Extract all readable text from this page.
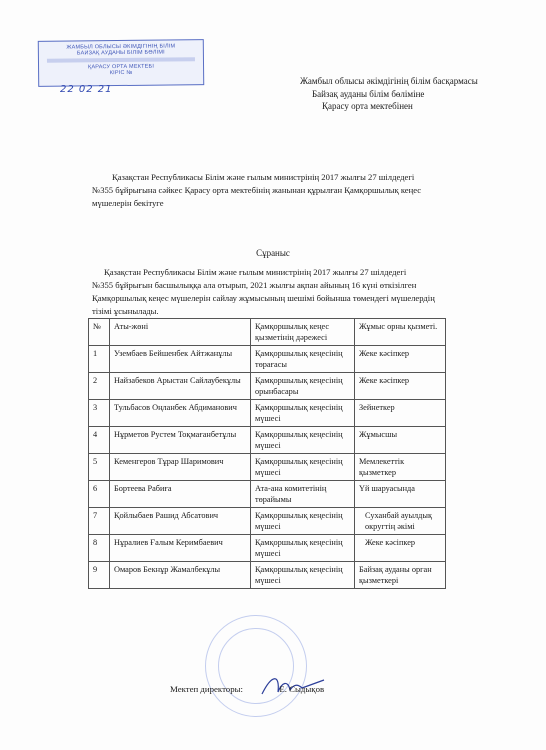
ЖАМБЫЛ ОБЛЫСЫ ӘКІМДІГІНІҢ БІЛІМ
БАЙЗАҚ АУДАНЫ БІЛІМ БӨЛІМІ
ҚАРАСУ ОРТА МЕКТЕБІ
КІРІС №
22 02 21
Жамбыл облысы әкімдігінің білім басқармасы
Байзақ ауданы білім бөліміне
Қарасу орта мектебінен
Қазақстан Республикасы Білім және ғылым министрінің 2017 жылғы 27 шілдедегі
№355 бұйрығына сәйкес Қарасу орта мектебінің жанынан құрылған Қамқоршылық кеңес
мүшелерін бекітуге
Сұраныс
Қазақстан Республикасы Білім және ғылым министрінің 2017 жылғы 27 шілдедегі
№355 бұйрығын басшылыққа ала отырып, 2021 жылғы ақпан айының 16 күні өткізілген
Қамқоршылық кеңес мүшелерін сайлау жұмысының шешімі бойынша төмендегі мүшелердің
тізімі ұсынылады.
№	Аты-жөні	Қамқоршылық кеңес қызметінің дәрежесі	Жұмыс орны қызметі.
1	Узембаев Бейшенбек Айтжанұлы	Қамқоршылық кеңесінің төрағасы	Жеке кәсіпкер
2	Найзабеков Арыстан Сайлаубекұлы	Қамқоршылық кеңесінің орынбасары	Жеке кәсіпкер
3	Тульбасов Оңланбек Абдиманович	Қамқоршылық кеңесінің мүшесі	Зейнеткер
4	Нұрметов Рустем Тоқмағанбетұлы	Қамқоршылық кеңесінің мүшесі	Жұмысшы
5	Кеменгеров Тұрар Шаримович	Қамқоршылық кеңесінің мүшесі	Мемлекеттік қызметкер
6	Бортеева Рабиға	Ата-ана комитетінің төрайымы	Үй шаруасында
7	Қойлыбаев Рашид Абсатович	Қамқоршылық кеңесінің мүшесі	Суханбай ауылдық округтің әкімі
8	Нұралиев Ғалым Керимбаевич	Қамқоршылық кеңесінің мүшесі	Жеке кәсіпкер
9	Омаров Бекнұр Жамалбекұлы	Қамқоршылық кеңесінің мүшесі	Байзақ ауданы орган қызметкері
Мектеп директоры:	Е. Сыдықов
